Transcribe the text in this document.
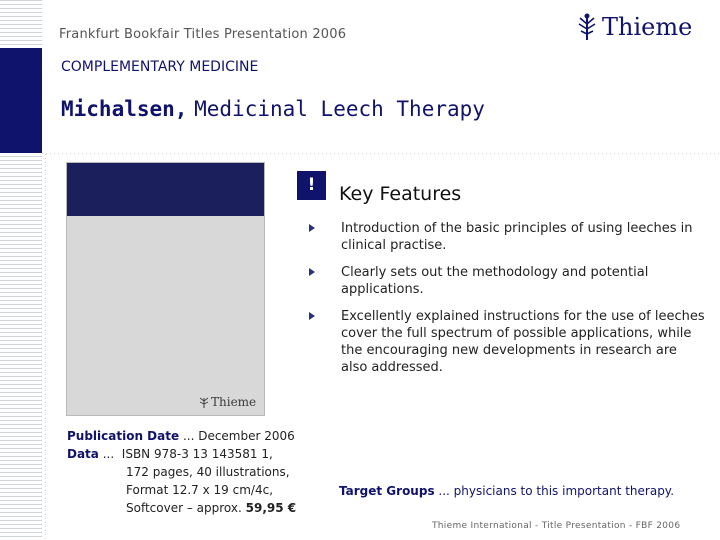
Frankfurt Bookfair Titles Presentation 2006	Thieme
COMPLEMENTARY MEDICINE
Michalsen, Medicinal Leech Therapy
Thieme
!	Key Features
Introduction of the basic principles of using leeches in clinical practise.
Clearly sets out the methodology and potential applications.
Excellently explained instructions for the use of leeches cover the full spectrum of possible applications, while the encouraging new developments in research are also addressed.
Publication Date ... December 2006
Data ...  ISBN 978-3 13 143581 1,
172 pages, 40 illustrations,
Format 12.7 x 19 cm/4c,
Softcover – approx. 59,95 €
Target Groups ... physicians to this important therapy.
Thieme International - Title Presentation - FBF 2006
